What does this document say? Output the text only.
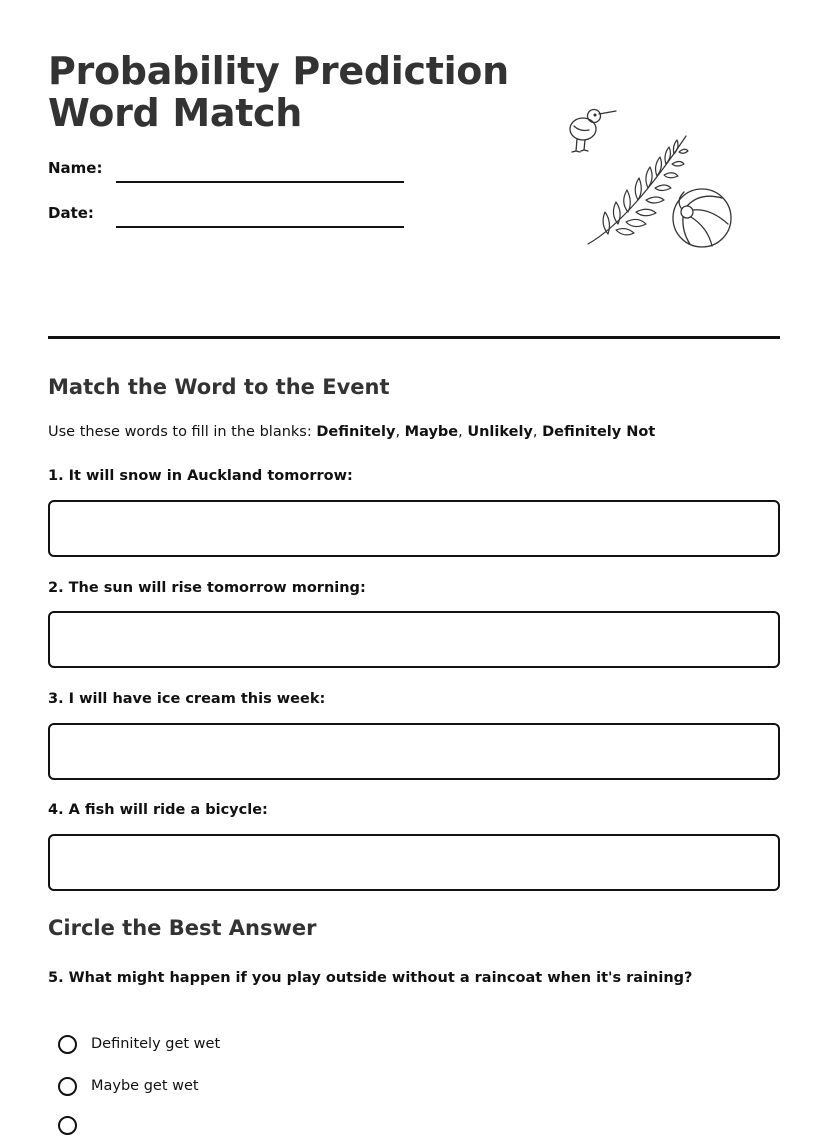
Probability Prediction
Word Match
Name:
Date:
Match the Word to the Event
Use these words to fill in the blanks: Definitely, Maybe, Unlikely, Definitely Not
1. It will snow in Auckland tomorrow:
2. The sun will rise tomorrow morning:
3. I will have ice cream this week:
4. A fish will ride a bicycle:
Circle the Best Answer
5. What might happen if you play outside without a raincoat when it's raining?
Definitely get wet
Maybe get wet
